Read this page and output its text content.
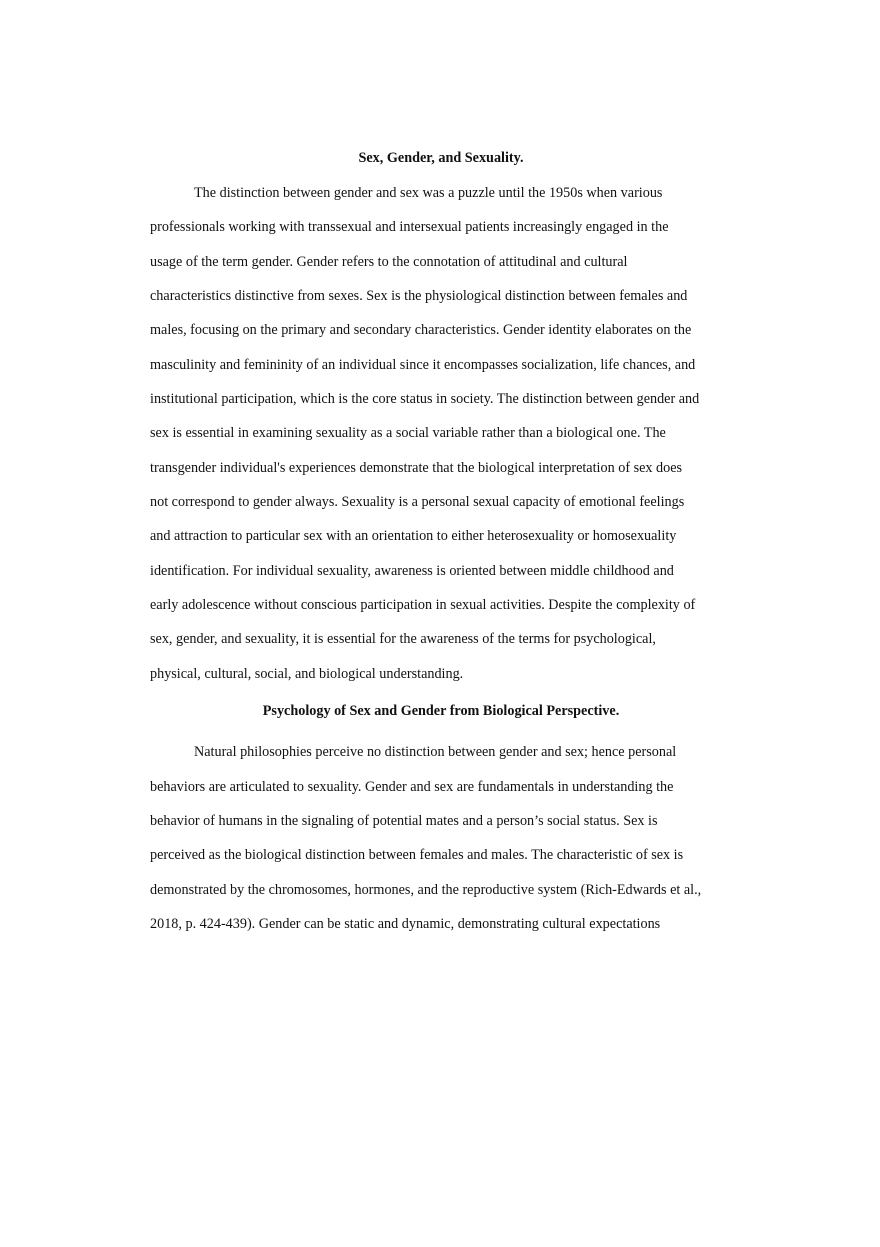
Sex, Gender, and Sexuality.
The distinction between gender and sex was a puzzle until the 1950s when various
professionals working with transsexual and intersexual patients increasingly engaged in the
usage of the term gender. Gender refers to the connotation of attitudinal and cultural
characteristics distinctive from sexes. Sex is the physiological distinction between females and
males, focusing on the primary and secondary characteristics. Gender identity elaborates on the
masculinity and femininity of an individual since it encompasses socialization, life chances, and
institutional participation, which is the core status in society. The distinction between gender and
sex is essential in examining sexuality as a social variable rather than a biological one. The
transgender individual's experiences demonstrate that the biological interpretation of sex does
not correspond to gender always. Sexuality is a personal sexual capacity of emotional feelings
and attraction to particular sex with an orientation to either heterosexuality or homosexuality
identification. For individual sexuality, awareness is oriented between middle childhood and
early adolescence without conscious participation in sexual activities. Despite the complexity of
sex, gender, and sexuality, it is essential for the awareness of the terms for psychological,
physical, cultural, social, and biological understanding.
Psychology of Sex and Gender from Biological Perspective.
Natural philosophies perceive no distinction between gender and sex; hence personal
behaviors are articulated to sexuality. Gender and sex are fundamentals in understanding the
behavior of humans in the signaling of potential mates and a person’s social status. Sex is
perceived as the biological distinction between females and males. The characteristic of sex is
demonstrated by the chromosomes, hormones, and the reproductive system (Rich-Edwards et al.,
2018, p. 424-439). Gender can be static and dynamic, demonstrating cultural expectations
